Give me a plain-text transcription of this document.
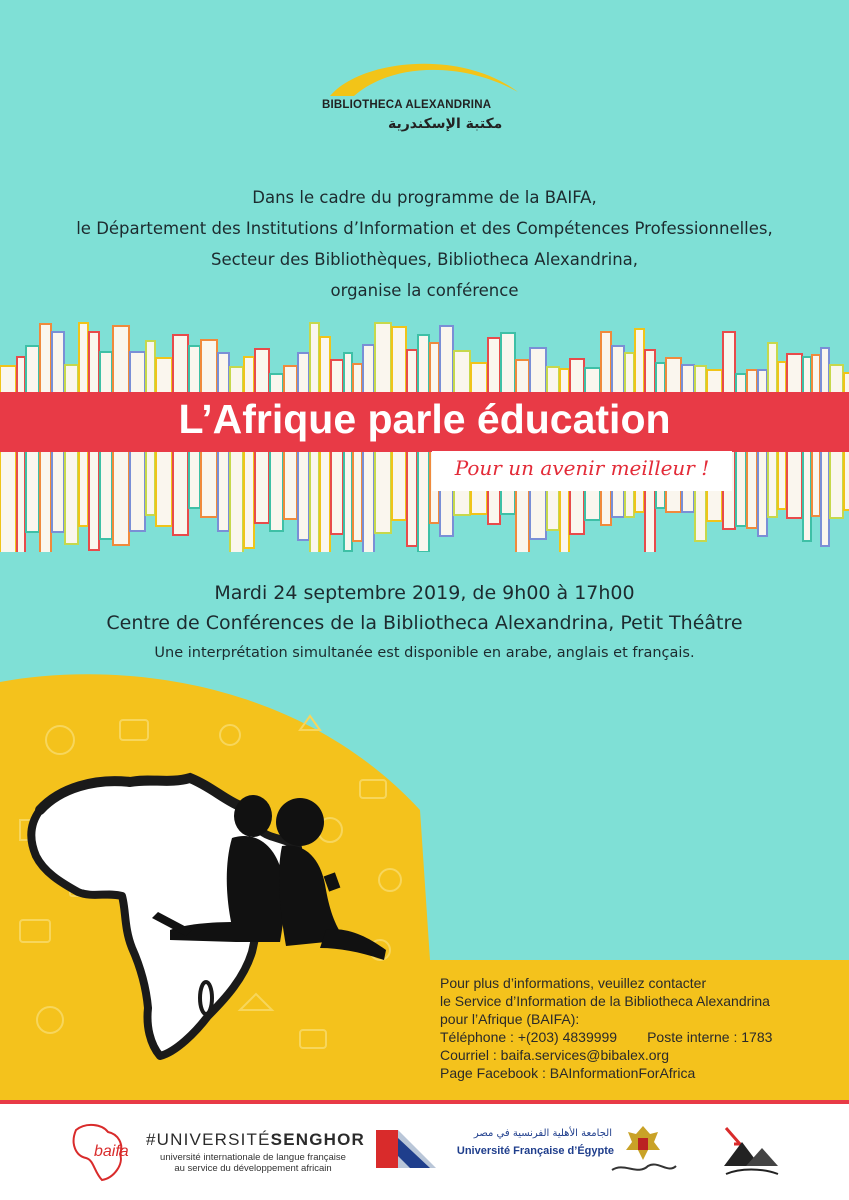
BIBLIOTHECA ALEXANDRINA
مكتبة الإسكندرية
Dans le cadre du programme de la BAIFA,
le Département des Institutions d’Information et des Compétences Professionnelles,
Secteur des Bibliothèques, Bibliotheca Alexandrina,
organise la conférence
L’Afrique parle éducation
Pour un avenir meilleur !
Mardi 24 septembre 2019, de 9h00 à 17h00
Centre de Conférences de la Bibliotheca Alexandrina, Petit Théâtre
Une interprétation simultanée est disponible en arabe, anglais et français.
Pour plus d’informations, veuillez contacter
le Service d’Information de la Bibliotheca Alexandrina
pour l’Afrique (BAIFA):
Téléphone : +(203) 4839999 Poste interne : 1783
Courriel : baifa.services@bibalex.org
Page Facebook : BAInformationForAfrica
baifa
#UNIVERSITÉSENGHOR
université internationale de langue française
au service du développement africain
الجامعة الأهلية الفرنسية في مصر
Université Française d’Égypte
